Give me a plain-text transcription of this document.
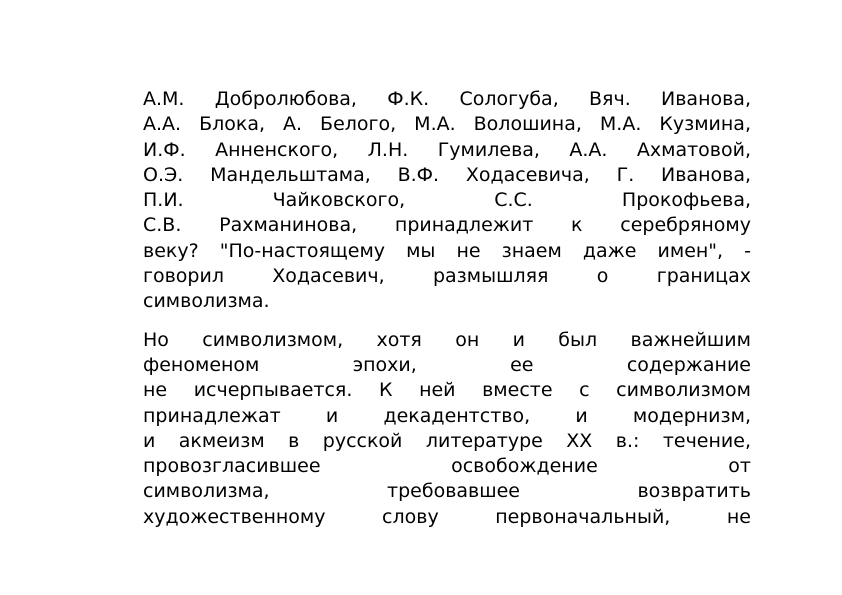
А.М. Добролюбова, Ф.К. Сологуба, Вяч. Иванова,
А.А. Блока, А. Белого, М.А. Волошина, М.А. Кузмина,
И.Ф. Анненского, Л.Н. Гумилева, А.А. Ахматовой,
О.Э. Мандельштама, В.Ф. Ходасевича, Г. Иванова,
П.И. Чайковского, С.С. Прокофьева,
С.В. Рахманинова, принадлежит к серебряному
веку? "По-настоящему мы не знаем даже имен", -
говорил Ходасевич, размышляя о границах
символизма.

Но символизмом, хотя он и был важнейшим
феноменом эпохи, ее содержание
не исчерпывается. К ней вместе с символизмом
принадлежат и декадентство, и модернизм,
и акмеизм в русской литературе XX в.: течение,
провозгласившее освобождение от
символизма, требовавшее возвратить
художественному слову первоначальный, не
